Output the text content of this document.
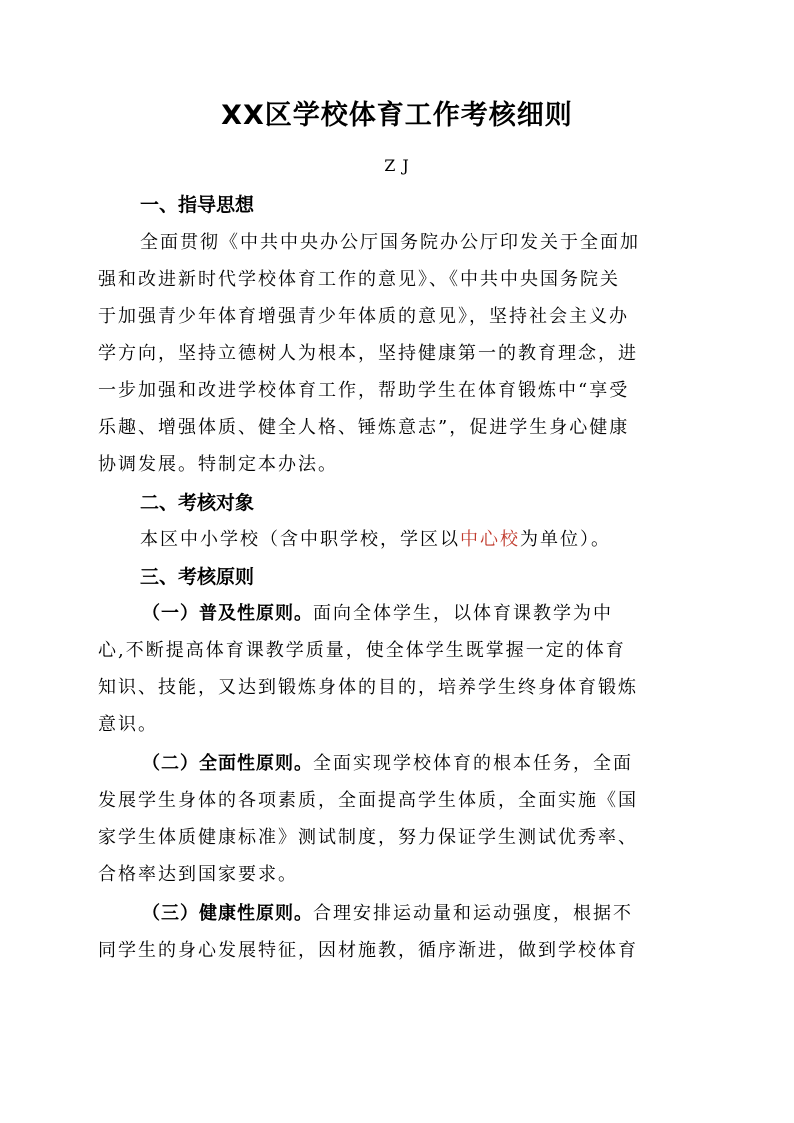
XX区学校体育工作考核细则
Z J
一、指导思想
全面贯彻《中共中央办公厅国务院办公厅印发关于全面加
强和改进新时代学校体育工作的意见》、《中共中央国务院关
于加强青少年体育增强青少年体质的意见》，坚持社会主义办
学方向，坚持立德树人为根本，坚持健康第一的教育理念，进
一步加强和改进学校体育工作，帮助学生在体育锻炼中“享受
乐趣、增强体质、健全人格、锤炼意志”，促进学生身心健康
协调发展。特制定本办法。
二、考核对象
本区中小学校（含中职学校，学区以中心校为单位）。
三、考核原则
（一）普及性原则。面向全体学生，以体育课教学为中
心,不断提高体育课教学质量，使全体学生既掌握一定的体育
知识、技能，又达到锻炼身体的目的，培养学生终身体育锻炼
意识。
（二）全面性原则。全面实现学校体育的根本任务，全面
发展学生身体的各项素质，全面提高学生体质，全面实施《国
家学生体质健康标准》测试制度，努力保证学生测试优秀率、
合格率达到国家要求。
（三）健康性原则。合理安排运动量和运动强度，根据不
同学生的身心发展特征，因材施教，循序渐进，做到学校体育
